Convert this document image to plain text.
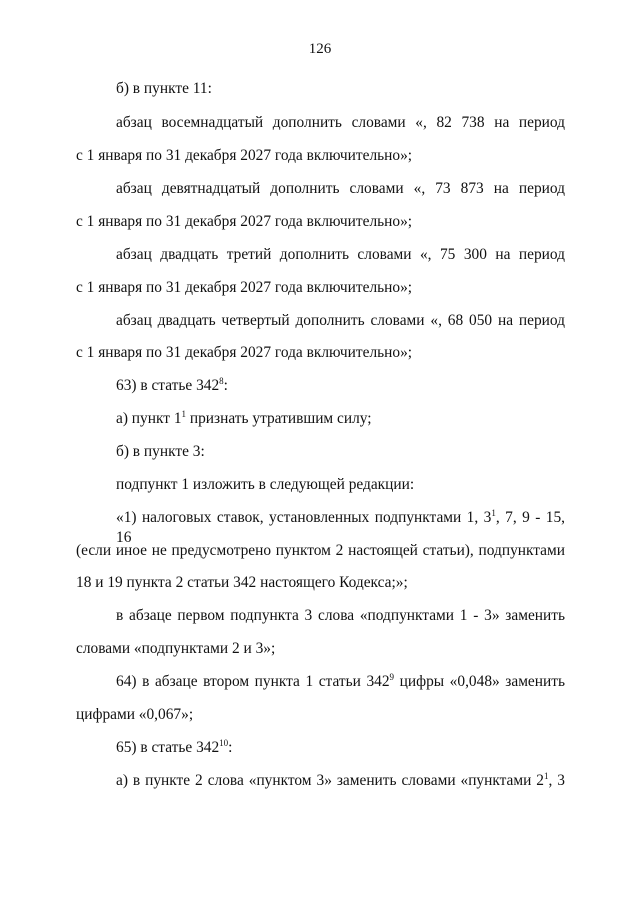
126
б) в пункте 11:
абзац восемнадцатый дополнить словами «, 82 738 на период
с 1 января по 31 декабря 2027 года включительно»;
абзац девятнадцатый дополнить словами «, 73 873 на период
с 1 января по 31 декабря 2027 года включительно»;
абзац двадцать третий дополнить словами «, 75 300 на период
с 1 января по 31 декабря 2027 года включительно»;
абзац двадцать четвертый дополнить словами «, 68 050 на период
с 1 января по 31 декабря 2027 года включительно»;
63) в статье $342^8$:
а) пункт $1^1$ признать утратившим силу;
б) в пункте 3:
подпункт 1 изложить в следующей редакции:
«1) налоговых ставок, установленных подпунктами 1, $3^1$, 7, 9 - 15, 16
(если иное не предусмотрено пунктом 2 настоящей статьи), подпунктами
18 и 19 пункта 2 статьи 342 настоящего Кодекса;»;
в абзаце первом подпункта 3 слова «подпунктами 1 - 3» заменить
словами «подпунктами 2 и 3»;
64) в абзаце втором пункта 1 статьи $342^9$ цифры «0,048» заменить
цифрами «0,067»;
65) в статье $342^{10}$:
а) в пункте 2 слова «пунктом 3» заменить словами «пунктами $2^1$, 3
